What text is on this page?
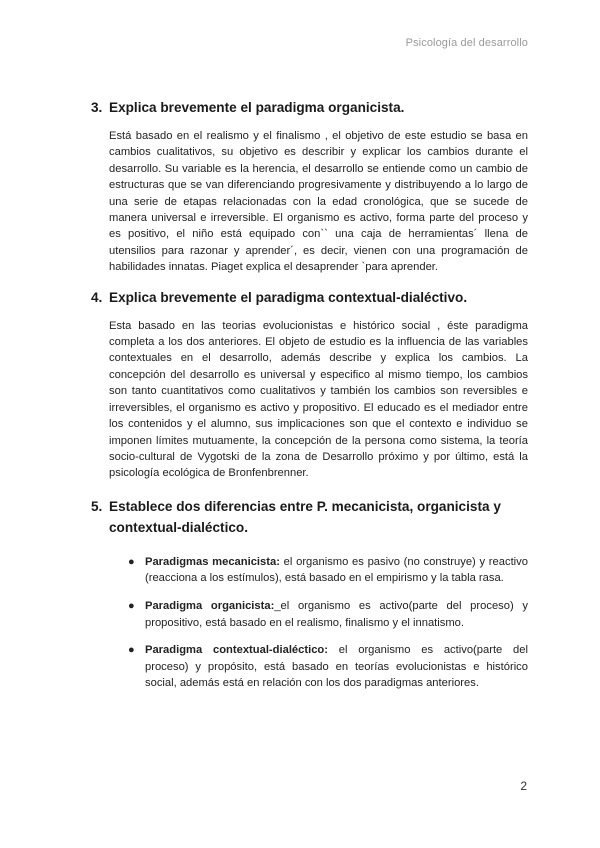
Psicología del desarrollo
3. Explica brevemente el paradigma organicista.

Está basado en el realismo y el finalismo , el objetivo de este estudio se basa en cambios cualitativos, su objetivo es describir y explicar los cambios durante el desarrollo. Su variable es la herencia, el desarrollo se entiende como un cambio de estructuras que se van diferenciando progresivamente y distribuyendo a lo largo de una serie de etapas relacionadas con la edad cronológica, que se sucede de manera universal e irreversible. El organismo es activo, forma parte del proceso y es positivo, el niño está equipado con`` una caja de herramientas´ llena de utensilios para razonar y aprender´, es decir, vienen con una programación de habilidades innatas. Piaget explica el desaprender `para aprender.

4. Explica brevemente el paradigma contextual-dialéctivo.

Esta basado en las teorias evolucionistas e histórico social , éste paradigma completa a los dos anteriores. El objeto de estudio es la influencia de las variables contextuales en el desarrollo, además describe y explica los cambios. La concepción del desarrollo es universal y especifico al mismo tiempo, los cambios son tanto cuantitativos como cualitativos y también los cambios son reversibles e irreversibles, el organismo es activo y propositivo. El educado es el mediador entre los contenidos y el alumno, sus implicaciones son que el contexto e individuo se imponen límites mutuamente, la concepción de la persona como sistema, la teoría socio-cultural de Vygotski de la zona de Desarrollo próximo y por último, está la psicología ecológica de Bronfenbrenner.

5. Establece dos diferencias entre P. mecanicista, organicista y contextual-dialéctico.
● Paradigmas mecanicista: el organismo es pasivo (no construye) y reactivo (reacciona a los estímulos), está basado en el empirismo y la tabla rasa.
● Paradigma organicista:_el organismo es activo(parte del proceso) y propositivo, está basado en el realismo, finalismo y el innatismo.
● Paradigma contextual-dialéctico: el organismo es activo(parte del proceso) y propósito, está basado en teorías evolucionistas e histórico social, además está en relación con los dos paradigmas anteriores.
2
